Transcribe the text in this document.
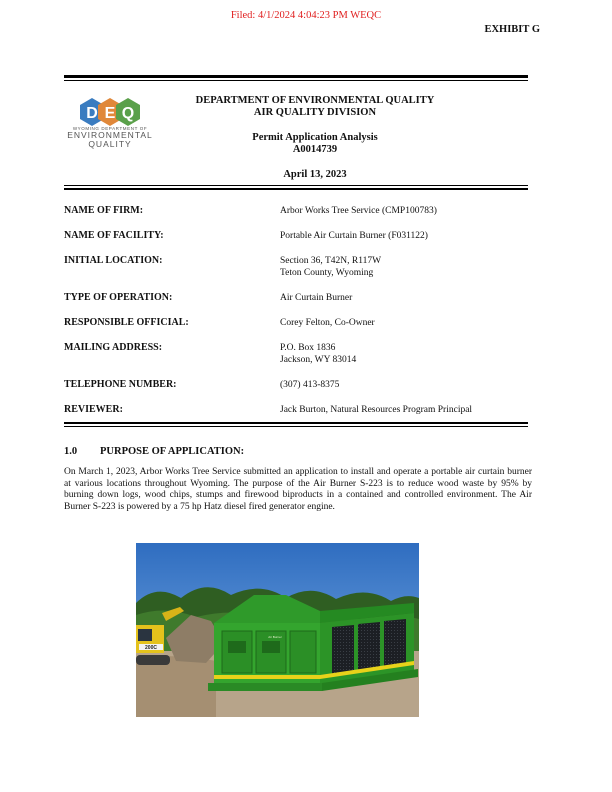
Filed: 4/1/2024 4:04:23 PM WEQC
EXHIBIT G
D E Q
WYOMING DEPARTMENT OF
ENVIRONMENTAL
QUALITY
DEPARTMENT OF ENVIRONMENTAL QUALITY
AIR QUALITY DIVISION
Permit Application Analysis
A0014739
April 13, 2023
NAME OF FIRM:	Arbor Works Tree Service (CMP100783)
NAME OF FACILITY:	Portable Air Curtain Burner (F031122)
INITIAL LOCATION:	Section 36, T42N, R117W
Teton County, Wyoming
TYPE OF OPERATION:	Air Curtain Burner
RESPONSIBLE OFFICIAL:	Corey Felton, Co-Owner
MAILING ADDRESS:	P.O. Box 1836
Jackson, WY 83014
TELEPHONE NUMBER:	(307) 413-8375
REVIEWER:	Jack Burton, Natural Resources Program Principal
1.0 PURPOSE OF APPLICATION:
On March 1, 2023, Arbor Works Tree Service submitted an application to install and operate a portable air curtain burner at various locations throughout Wyoming. The purpose of the Air Burner S-223 is to reduce wood waste by 95% by burning down logs, wood chips, stumps and firewood biproducts in a contained and controlled environment. The Air Burner S-223 is powered by a 75 hp Hatz diesel fired generator engine.
200C
Air Burner
